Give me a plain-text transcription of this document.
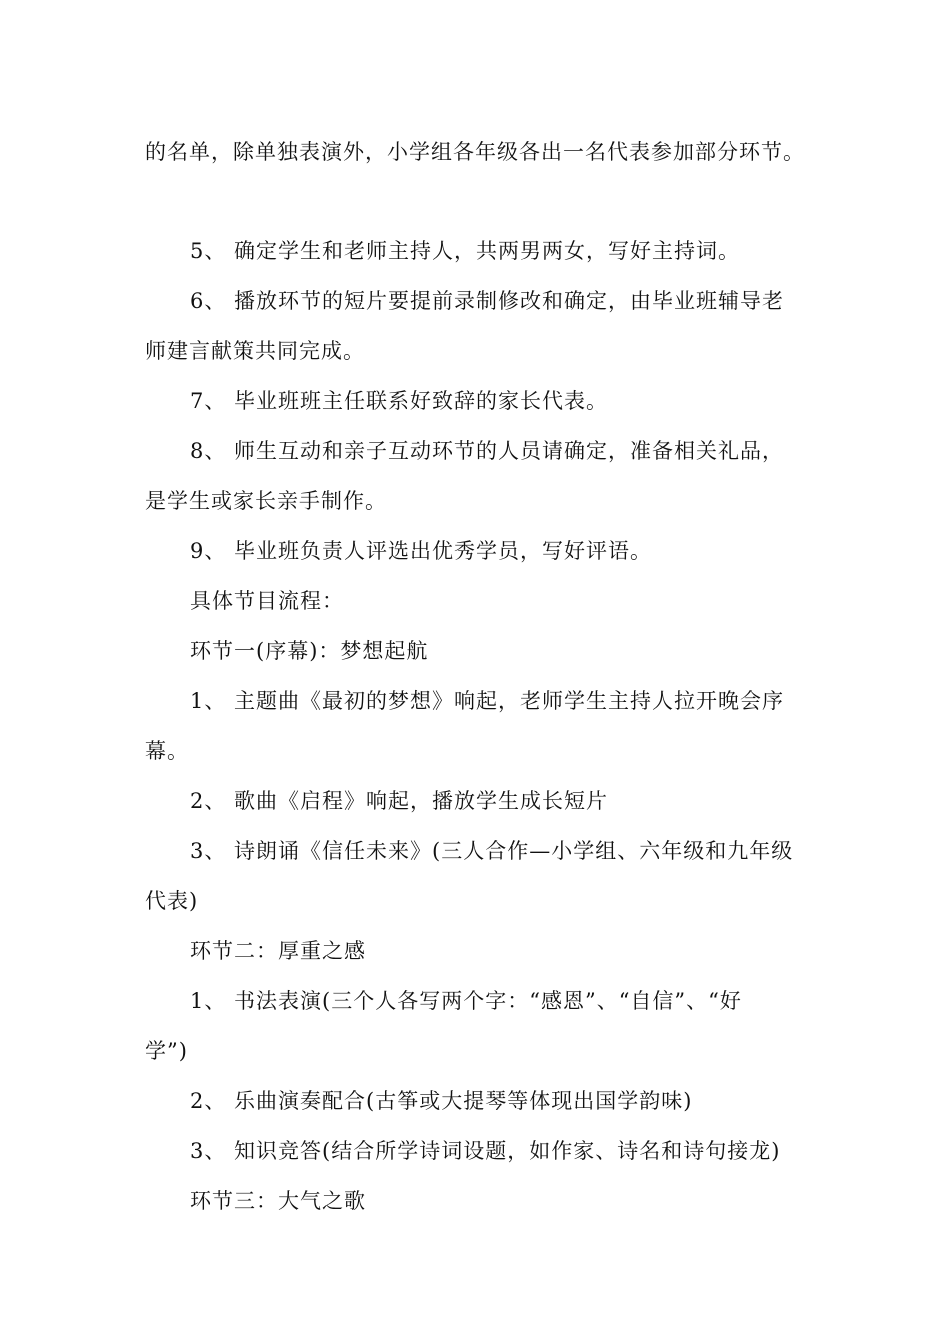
的名单，除单独表演外，小学组各年级各出一名代表参加部分环节。

5、 确定学生和老师主持人，共两男两女，写好主持词。

6、 播放环节的短片要提前录制修改和确定，由毕业班辅导老

师建言献策共同完成。

7、 毕业班班主任联系好致辞的家长代表。

8、 师生互动和亲子互动环节的人员请确定，准备相关礼品，

是学生或家长亲手制作。

9、 毕业班负责人评选出优秀学员，写好评语。

具体节目流程：

环节一(序幕)：梦想起航

1、 主题曲《最初的梦想》响起，老师学生主持人拉开晚会序

幕。

2、 歌曲《启程》响起，播放学生成长短片

3、 诗朗诵《信任未来》(三人合作—小学组、六年级和九年级

代表)

环节二：厚重之感

1、 书法表演(三个人各写两个字：“感恩”、“自信”、“好

学”)

2、 乐曲演奏配合(古筝或大提琴等体现出国学韵味)

3、 知识竞答(结合所学诗词设题，如作家、诗名和诗句接龙)

环节三：大气之歌
